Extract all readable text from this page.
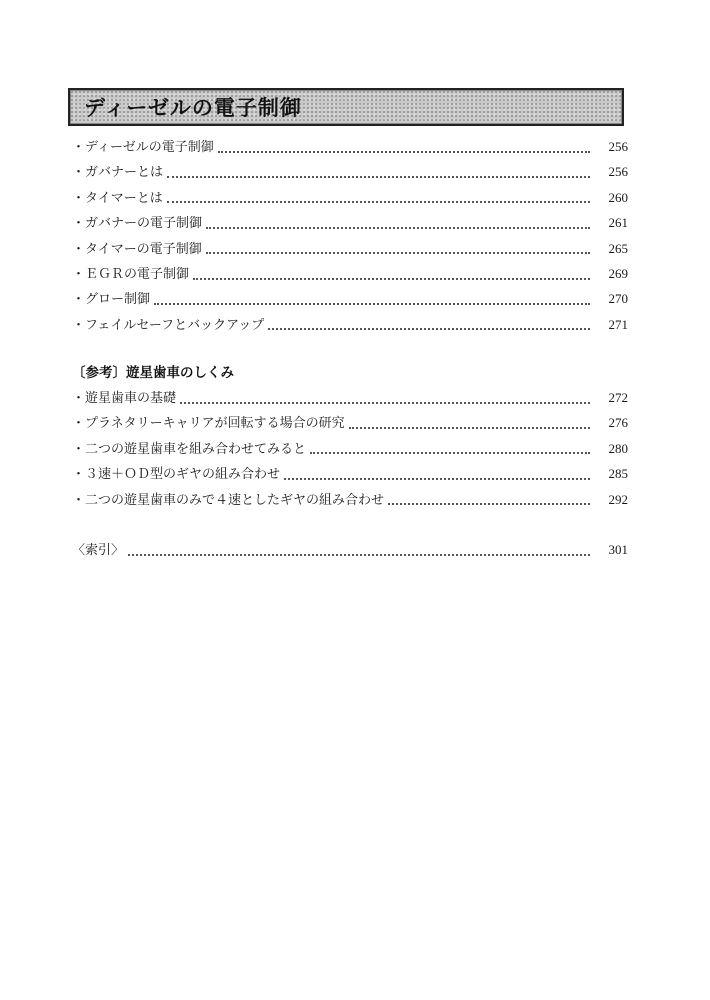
ディーゼルの電子制御
・ディーゼルの電子制御	256
・ガバナーとは	256
・タイマーとは	260
・ガバナーの電子制御	261
・タイマーの電子制御	265
・ＥＧＲの電子制御	269
・グロー制御	270
・フェイルセーフとバックアップ	271
〔参考〕遊星歯車のしくみ
・遊星歯車の基礎	272
・プラネタリーキャリアが回転する場合の研究	276
・二つの遊星歯車を組み合わせてみると	280
・３速＋ＯＤ型のギヤの組み合わせ	285
・二つの遊星歯車のみで４速としたギヤの組み合わせ	292
〈索引〉	301
